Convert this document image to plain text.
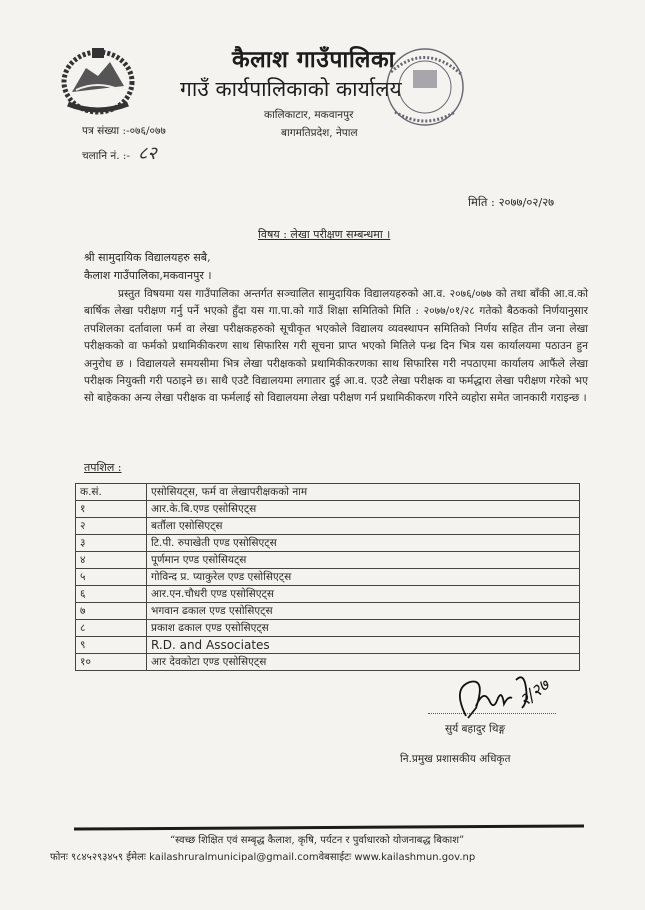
कैलाश गाउँपालिका
गाउँ कार्यपालिकाको कार्यालय
कालिकाटार, मकवानपुर
बागमतिप्रदेश, नेपाल
पत्र संख्या :-०७६/०७७
चलानि नं. :- ८२
मिति : २०७७/०२/२७
विषय : लेखा परीक्षण सम्बन्धमा ।
श्री सामुदायिक विद्यालयहरु सबै,
कैलाश गाउँपालिका,मकवानपुर ।
प्रस्तुत विषयमा यस गाउँपालिका अन्तर्गत सञ्चालित सामुदायिक विद्यालयहरुको आ.व. २०७६/०७७ को तथा बाँकी आ.व.को बार्षिक लेखा परीक्षण गर्नु पर्ने भएको हुँदा यस गा.पा.को गाउँ शिक्षा समितिको मिति : २०७७/०१/२८ गतेको बैठकको निर्णयानुसार तपशिलका दर्तावाला फर्म वा लेखा परीक्षकहरुको सूचीकृत भएकोले विद्यालय व्यवस्थापन समितिको निर्णय सहित तीन जना लेखा परीक्षकको वा फर्मको प्रथामिकीकरण साथ सिफारिस गरी सूचना प्राप्त भएको मितिले पन्ध्र दिन भित्र यस कार्यालयमा पठाउन हुन अनुरोध छ । विद्यालयले समयसीमा भित्र लेखा परीक्षकको प्रथामिकीकरणका साथ सिफारिस गरी नपठाएमा कार्यालय आफैंले लेखा परीक्षक नियुक्ती गरी पठाइने छ। साथै एउटै विद्यालयमा लगातार दुई आ.व. एउटै लेखा परीक्षक वा फर्मद्धारा लेखा परीक्षण गरेको भए सो बाहेकका अन्य लेखा परीक्षक वा फर्मलाई सो विद्यालयमा लेखा परीक्षण गर्न प्रथामिकीकरण गरिने व्यहोरा समेत जानकारी गराइन्छ ।
तपशिल :
क.सं.	एसोसियट्स, फर्म वा लेखापरीक्षकको नाम
१	आर.के.बि.एण्ड एसोसिएट्स
२	बर्तौला एसोसिएट्स
३	टि.पी. रुपाखेती एण्ड एसोसिएट्स
४	पूर्णमान एण्ड एसोसियट्स
५	गोविन्द प्र. प्याकुरेल एण्ड एसोसिएट्स
६	आर.एन.चौधरी एण्ड एसोसिएट्स
७	भगवान ढकाल एण्ड एसोसिएट्स
८	प्रकाश ढकाल एण्ड एसोसिएट्स
९	R.D. and Associates
१०	आर देवकोटा एण्ड एसोसिएट्स
२/२७
सुर्य बहादुर थिङ्ग
नि.प्रमुख प्रशासकीय अधिकृत
“स्वच्छ शिक्षित एवं सम्बृद्ध कैलाश, कृषि, पर्यटन र पुर्वाधारको योजनाबद्ध बिकाश”
फोनः ९८४५२९३४५९ ईमेलः kailashruralmunicipal@gmail.comवेबसाईटः www.kailashmun.gov.np
